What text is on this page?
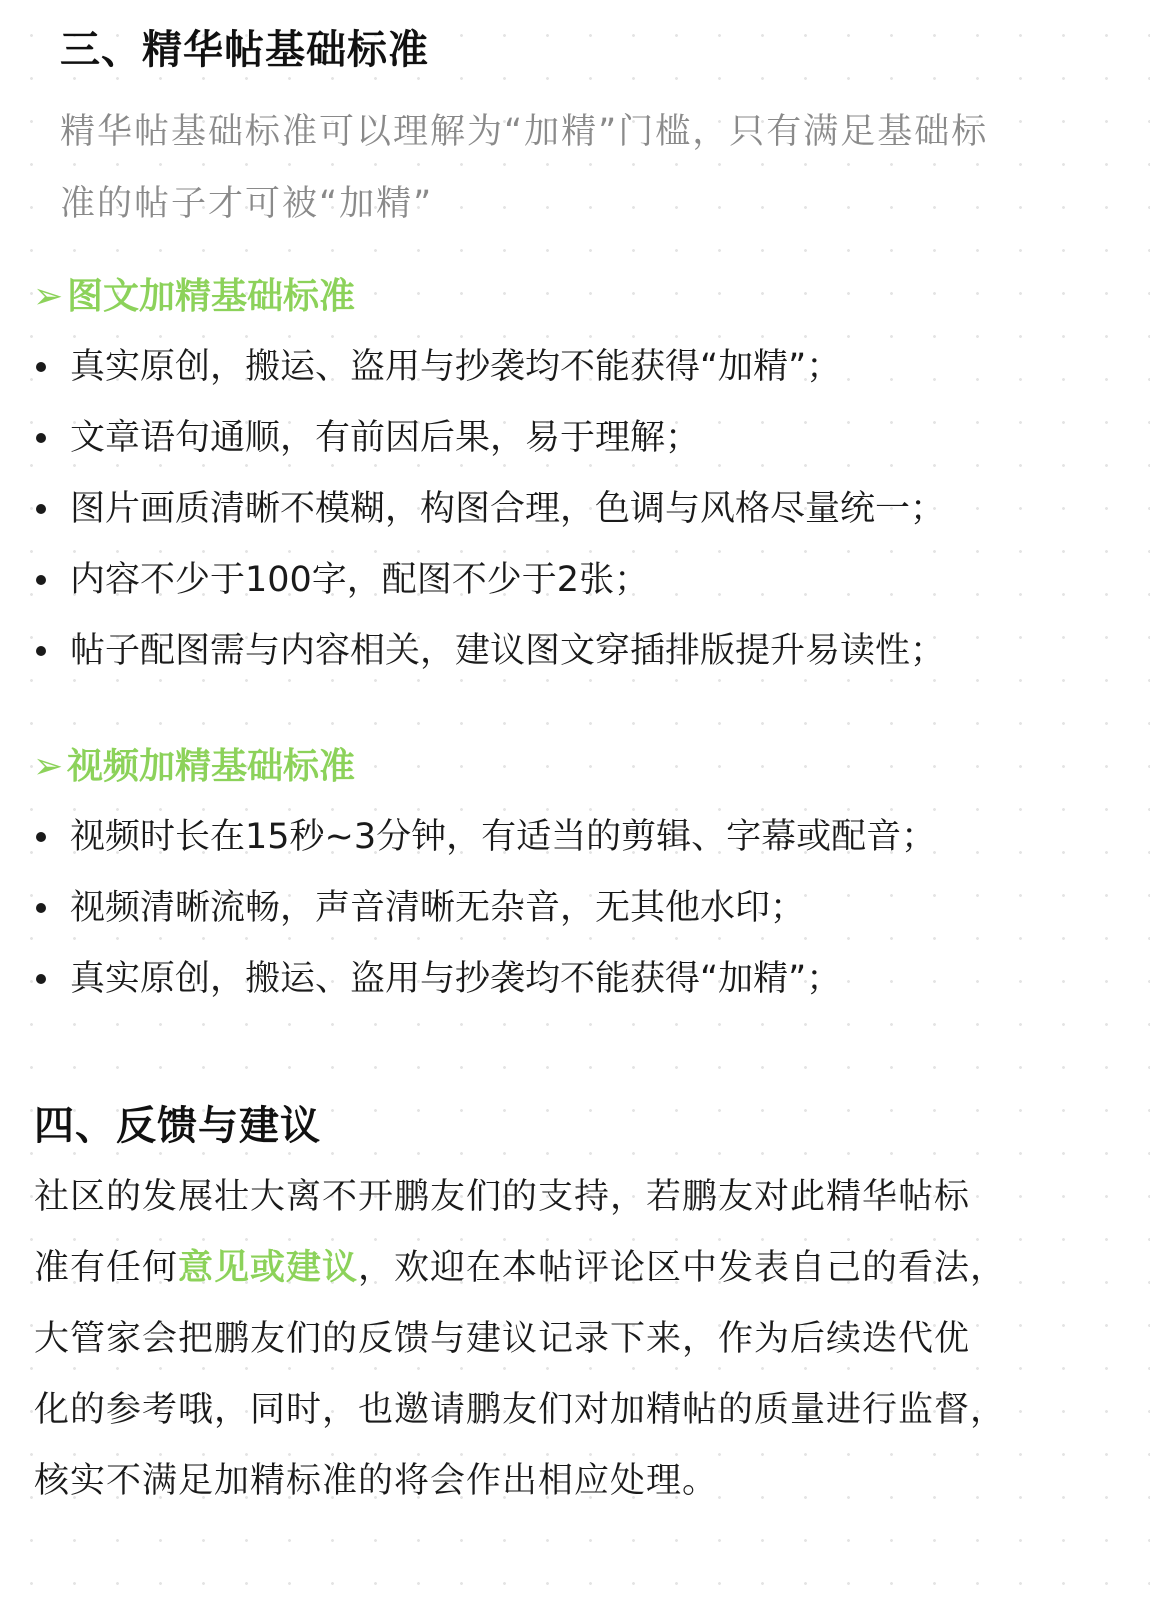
三、精华帖基础标准

精华帖基础标准可以理解为“加精”门槛，只有满足基础标
准的帖子才可被“加精”

➢ 图文加精基础标准
真实原创，搬运、盗用与抄袭均不能获得“加精”；
文章语句通顺，有前因后果，易于理解；
图片画质清晰不模糊，构图合理，色调与风格尽量统一；
内容不少于100字，配图不少于2张；
帖子配图需与内容相关，建议图文穿插排版提升易读性；
➢ 视频加精基础标准
视频时长在15秒~3分钟，有适当的剪辑、字幕或配音；
视频清晰流畅，声音清晰无杂音，无其他水印；
真实原创，搬运、盗用与抄袭均不能获得“加精”；
四、反馈与建议

社区的发展壮大离不开鹏友们的支持，若鹏友对此精华帖标
准有任何意见或建议，欢迎在本帖评论区中发表自己的看法，
大管家会把鹏友们的反馈与建议记录下来，作为后续迭代优
化的参考哦，同时，也邀请鹏友们对加精帖的质量进行监督，
核实不满足加精标准的将会作出相应处理。
